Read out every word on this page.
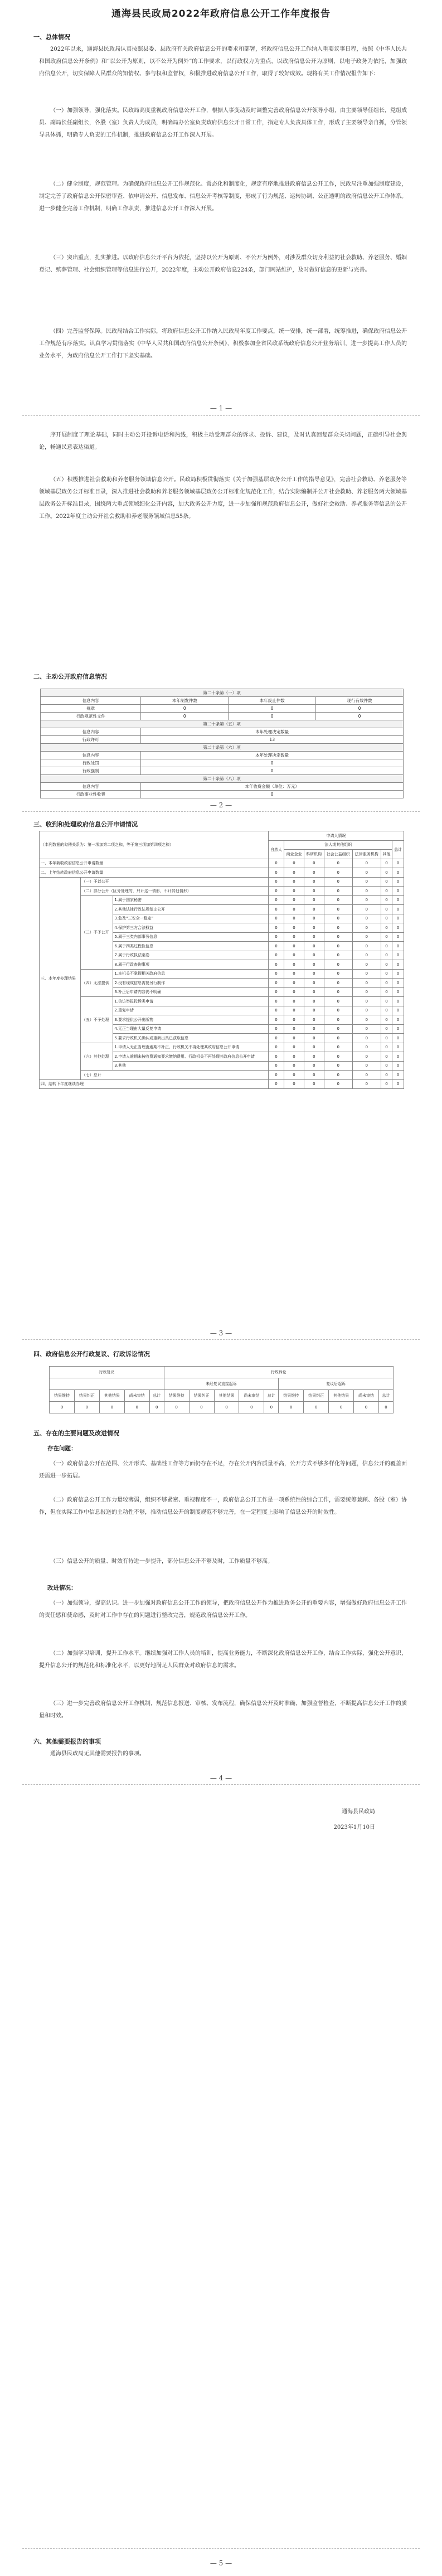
通海县民政局2022年政府信息公开工作年度报告
一、总体情况
2022年以来，通海县民政局认真按照县委、县政府有关政府信息公开的要求和部署，将政府信息公开工作纳入重要议事日程，按照《中华人民共和国政府信息公开条例》和“以公开为原则，以不公开为例外”的工作要求，以行政权力为重点，以政府信息公开为原则，以电子政务为依托，加强政府信息公开，切实保障人民群众的知情权、参与权和监督权，积极推进政府信息公开工作，取得了较好成效。现将有关工作情况报告如下：
（一）加强领导，强化落实。民政局高度重视政府信息公开工作，根据人事变动及时调整完善政府信息公开领导小组，由主要领导任组长，党组成员、副局长任副组长，各股（室）负责人为成员，明确局办公室负责政府信息公开日常工作，指定专人负责具体工作，形成了主要领导亲自抓，分管领导具体抓，明确专人负责的工作机制，推进政府信息公开工作深入开展。
（二）健全制度，规范管理。为确保政府信息公开工作规范化、常态化和制度化，规定有序地推进政府信息公开工作，民政局注重加强制度建设，制定完善了政府信息公开保密审查、依申请公开、信息发布、信息公开考核等制度，形成了行为规范、运转协调、公正透明的政府信息公开工作体系。进一步健全完善工作机制，明确工作职责，推进信息公开工作深入开展。
（三）突出重点，扎实推进。以政府信息公开平台为依托，坚持以公开为原则、不公开为例外，对涉及群众切身利益的社会救助、养老服务、婚姻登记、殡葬管理、社会组织管理等信息进行公开，2022年度，主动公开政府信息224条，部门网站维护，及时做好信息的更新与完善。
（四）完善监督保障。民政局结合工作实际，将政府信息公开工作纳入民政局年度工作要点，统一安排，统一部署，统筹推进，确保政府信息公开工作规范有序落实。认真学习贯彻落实《中华人民共和国政府信息公开条例》，积极参加全省民政系统政府信息公开业务培训，进一步提高工作人员的业务水平，为政府信息公开工作打下坚实基础。
— 1 —
序开展制度了理论基础，同时主动公开投诉电话和热线，积极主动受理群众的诉求、投诉、建议，及时认真回复群众关切问题，正确引导社会舆论，畅通民意表达渠道。
（五）积极推进社会救助和养老服务领域信息公开。民政局积极贯彻落实《关于加强基层政务公开工作的指导意见》，完善社会救助、养老服务等领域基层政务公开标准目录，深入推进社会救助和养老服务领域基层政务公开标准化规范化工作，结合实际编制并公开社会救助、养老服务两大领域基层政务公开标准目录，围绕两大重点领域细化公开内容，加大政务公开力度，进一步加强和规范政府信息公开，做好社会救助、养老服务等信息的公开工作。2022年度主动公开社会救助和养老服务领域信息55条。
二、主动公开政府信息情况
第二十条第（一）项			
信息内容	本年制发件数	本年废止件数	现行有效件数
规章	0	0	0
行政规范性文件	0	0	0
第二十条第（五）项			
信息内容	本年处理决定数量		
行政许可	13		
第二十条第（六）项			
信息内容	本年处理决定数量		
行政处罚	0		
行政强制	0		
第二十条第（八）项			
信息内容	本年收费金额（单位：万元）		
行政事业性收费	0		
— 2 —
三、收到和处理政府信息公开申请情况
（本列数据的勾稽关系为：第一项加第二项之和，等于第三项加第四项之和）			申请人情况						
			自然人	法人或其他组织					总计
				商业企业	科研机构	社会公益组织	法律服务机构	其他	
一、本年新收政府信息公开申请数量			0	0	0	0	0	0	0
二、上年结转政府信息公开申请数量			0	0	0	0	0	0	0
三、本年度办理结果	（一）予以公开		0	0	0	0	0	0	0
	（二）部分公开（区分处理的，只计这一情形，不计其他情形）		0	0	0	0	0	0	0
	（三）不予公开	1.属于国家秘密	0	0	0	0	0	0	0
		2.其他法律行政法规禁止公开	0	0	0	0	0	0	0
		3.危及“三安全一稳定”	0	0	0	0	0	0	0
		4.保护第三方合法权益	0	0	0	0	0	0	0
		5.属于三类内部事务信息	0	0	0	0	0	0	0
		6.属于四类过程性信息	0	0	0	0	0	0	0
		7.属于行政执法案卷	0	0	0	0	0	0	0
		8.属于行政查询事项	0	0	0	0	0	0	0
	（四）无法提供	1.本机关不掌握相关政府信息	0	0	0	0	0	0	0
		2.没有现成信息需要另行制作	0	0	0	0	0	0	0
		3.补正后申请内容仍不明确	0	0	0	0	0	0	0
	（五）不予处理	1.信访举报投诉类申请	0	0	0	0	0	0	0
		2.重复申请	0	0	0	0	0	0	0
		3.要求提供公开出版物	0	0	0	0	0	0	0
		4.无正当理由大量反复申请	0	0	0	0	0	0	0
		5.要求行政机关确认或重新出具已获取信息	0	0	0	0	0	0	0
	（六）其他处理	1.申请人无正当理由逾期不补正、行政机关不再处理其政府信息公开申请	0	0	0	0	0	0	0
		2.申请人逾期未按收费通知要求缴纳费用、行政机关不再处理其政府信息公开申请	0	0	0	0	0	0	0
		3.其他	0	0	0	0	0	0	0
	（七）总计		0	0	0	0	0	0	0
四、结转下年度继续办理			0	0	0	0	0	0	0
— 3 —
四、政府信息公开行政复议、行政诉讼情况
行政复议					行政诉讼									
					未经复议直接起诉					复议后起诉				
结果维持	结果纠正	其他结果	尚未审结	总计	结果维持	结果纠正	其他结果	尚未审结	总计	结果维持	结果纠正	其他结果	尚未审结	总计
0	0	0	0	0	0	0	0	0	0	0	0	0	0	0
五、存在的主要问题及改进情况
存在问题：
（一）政府信息公开在范围、公开形式、基础性工作等方面仍存在不足，存在公开内容质量不高，公开方式不够多样化等问题，信息公开的覆盖面还需进一步拓展。
（二）政府信息公开工作力量较薄弱，组织不够紧密、重视程度不一，政府信息公开工作是一项系统性的综合工作，需要统筹兼顾、各股（室）协作，但在实际工作中信息报送的主动性不够，推动信息公开的制度规范不够完善，在一定程度上影响了信息公开的时效性。
（三）信息公开的质量、时效有待进一步提升，部分信息公开不够及时，工作质量不够高。
改进情况：
（一）加强领导，提高认识。进一步加强对政府信息公开工作的领导，把政府信息公开作为推进政务公开的重要内容，增强做好政府信息公开工作的责任感和使命感，及时对工作中存在的问题进行整改完善，规范政府信息公开工作。
（二）加强学习培训，提升工作水平。继续加强对工作人员的培训，提高业务能力，不断深化政府信息公开工作，结合工作实际，强化公开意识，提升信息公开的规范化和标准化水平，以更好地满足人民群众对政府信息的需求。
（三）进一步完善政府信息公开工作机制，规范信息报送、审核、发布流程，确保信息公开及时准确，加强监督检查，不断提高信息公开工作的质量和时效。
六、其他需要报告的事项
通海县民政局无其他需要报告的事项。
— 4 —
通海县民政局
2023年1月10日
— 5 —
